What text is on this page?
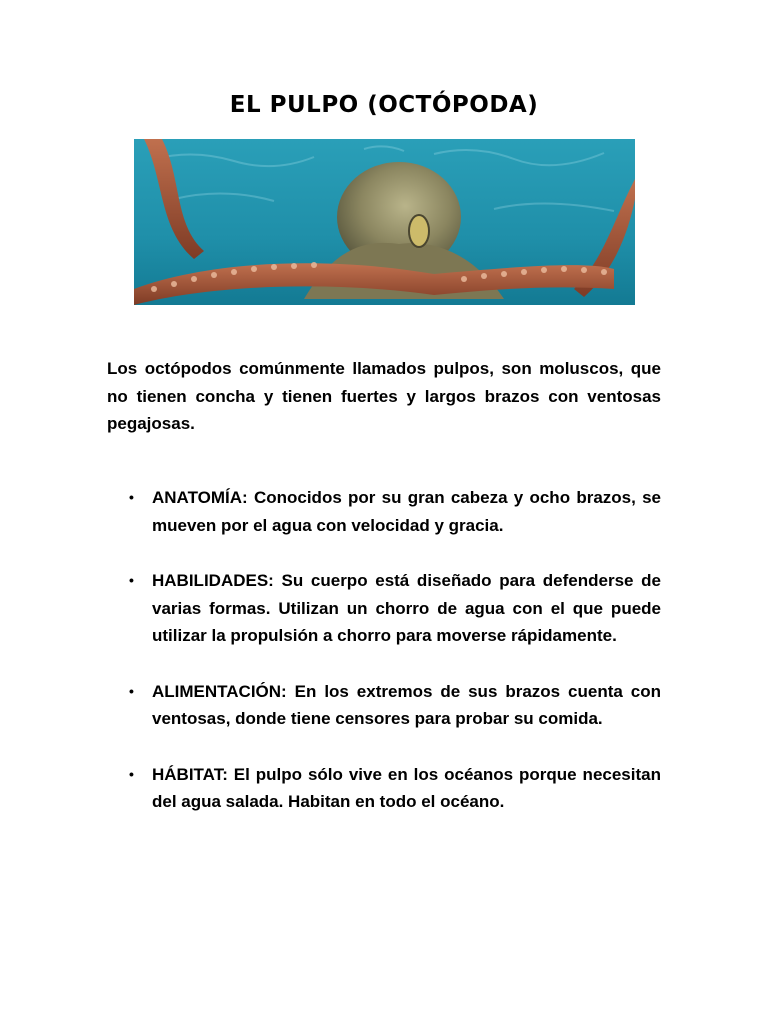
EL PULPO (OCTÓPODA)

Los octópodos comúnmente llamados pulpos, son moluscos, que no tienen concha y tienen fuertes y largos brazos con ventosas pegajosas.

• ANATOMÍA: Conocidos por su gran cabeza y ocho brazos, se mueven por el agua con velocidad y gracia.
• HABILIDADES: Su cuerpo está diseñado para defenderse de varias formas. Utilizan un chorro de agua con el que puede utilizar la propulsión a chorro para moverse rápidamente.
• ALIMENTACIÓN: En los extremos de sus brazos cuenta con ventosas, donde tiene censores para probar su comida.
• HÁBITAT: El pulpo sólo vive en los océanos porque necesitan del agua salada. Habitan en todo el océano.
